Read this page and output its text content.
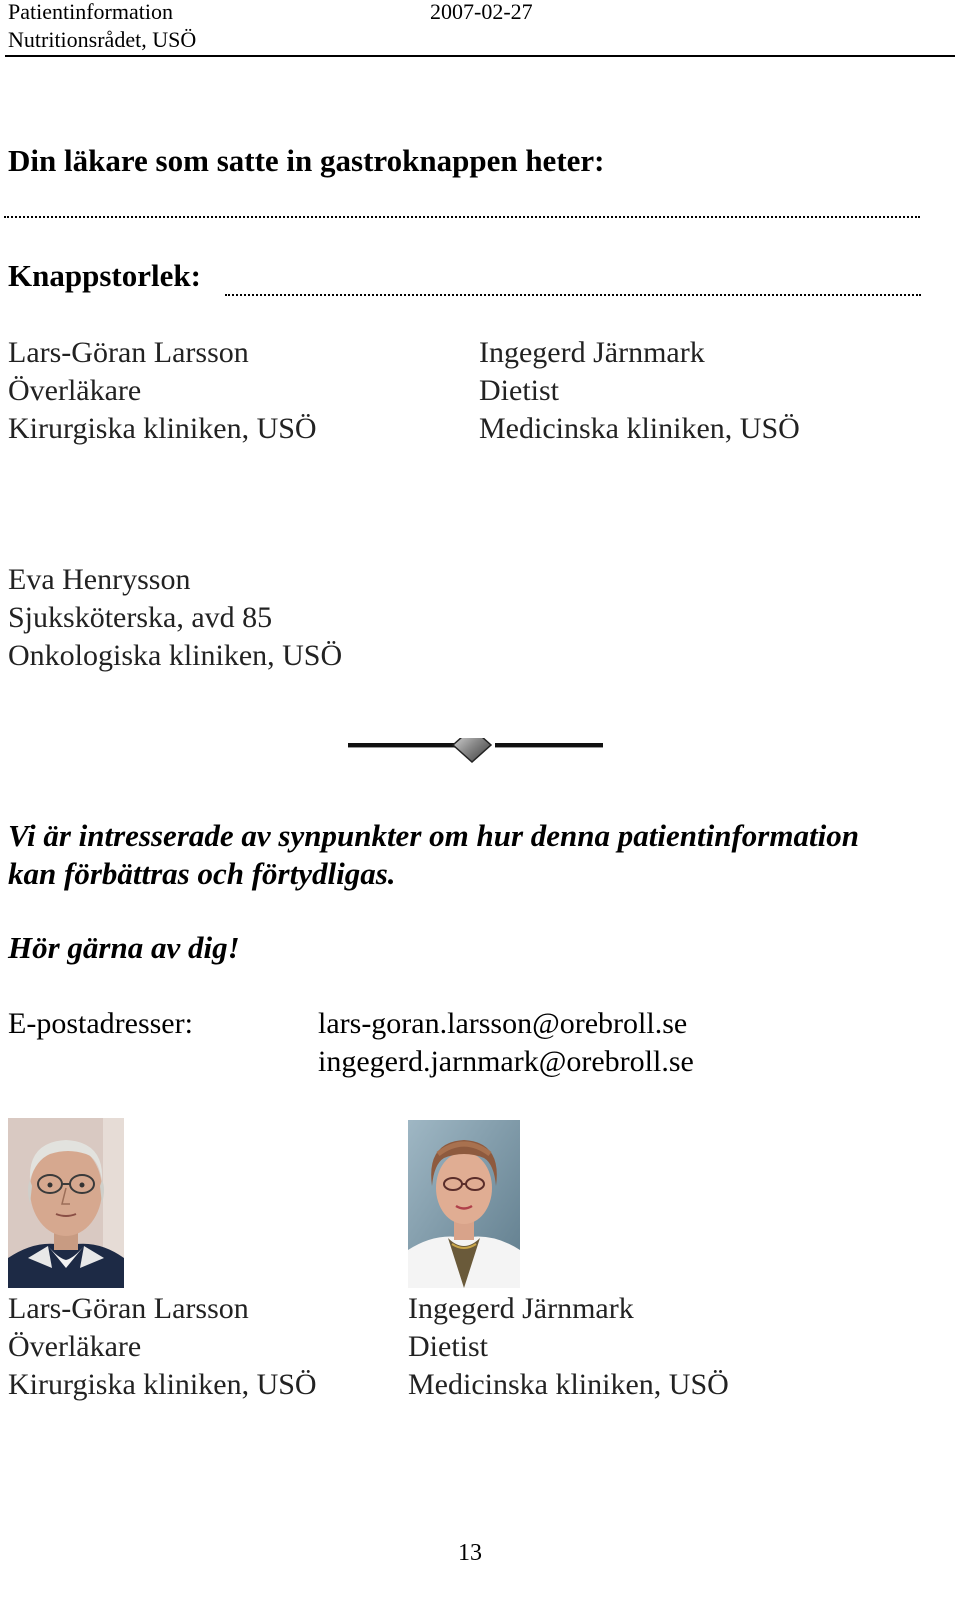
Patientinformation
Nutritionsrådet, USÖ
2007-02-27
Din läkare som satte in gastroknappen heter:
Knappstorlek:
Lars-Göran Larsson
Överläkare
Kirurgiska kliniken, USÖ
Ingegerd Järnmark
Dietist
Medicinska kliniken, USÖ
Eva Henrysson
Sjuksköterska, avd 85
Onkologiska kliniken, USÖ
Vi är intresserade av synpunkter om hur denna patientinformation
kan förbättras och förtydligas.
Hör gärna av dig!
E-postadresser:	lars-goran.larsson@orebroll.se
ingegerd.jarnmark@orebroll.se
Lars-Göran Larsson
Överläkare
Kirurgiska kliniken, USÖ
Ingegerd Järnmark
Dietist
Medicinska kliniken, USÖ
13
